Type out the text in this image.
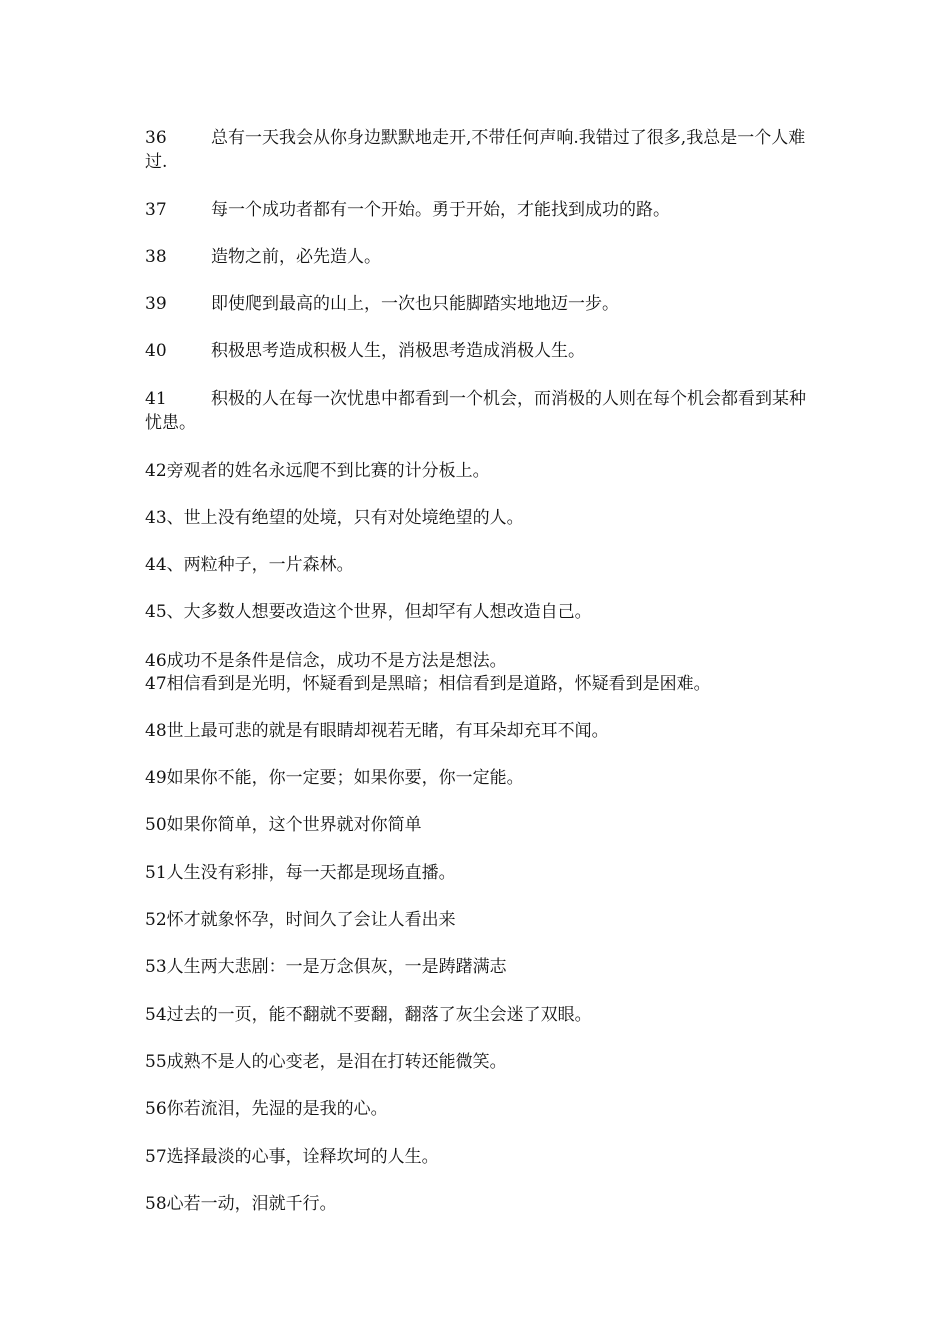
36	总有一天我会从你身边默默地走开,不带任何声响.我错过了很多,我总是一个人难过.
37	每一个成功者都有一个开始。勇于开始，才能找到成功的路。
38	造物之前，必先造人。
39	即使爬到最高的山上，一次也只能脚踏实地地迈一步。
40	积极思考造成积极人生，消极思考造成消极人生。
41	积极的人在每一次忧患中都看到一个机会，而消极的人则在每个机会都看到某种忧患。
42旁观者的姓名永远爬不到比赛的计分板上。
43、世上没有绝望的处境，只有对处境绝望的人。
44、两粒种子，一片森林。
45、大多数人想要改造这个世界，但却罕有人想改造自己。
46成功不是条件是信念，成功不是方法是想法。
47相信看到是光明，怀疑看到是黑暗；相信看到是道路，怀疑看到是困难。
48世上最可悲的就是有眼睛却视若无睹，有耳朵却充耳不闻。
49如果你不能，你一定要；如果你要，你一定能。
50如果你简单，这个世界就对你简单
51人生没有彩排，每一天都是现场直播。
52怀才就象怀孕，时间久了会让人看出来
53人生两大悲剧：一是万念俱灰，一是踌躇满志
54过去的一页，能不翻就不要翻，翻落了灰尘会迷了双眼。
55成熟不是人的心变老，是泪在打转还能微笑。
56你若流泪，先湿的是我的心。
57选择最淡的心事，诠释坎坷的人生。
58心若一动，泪就千行。
